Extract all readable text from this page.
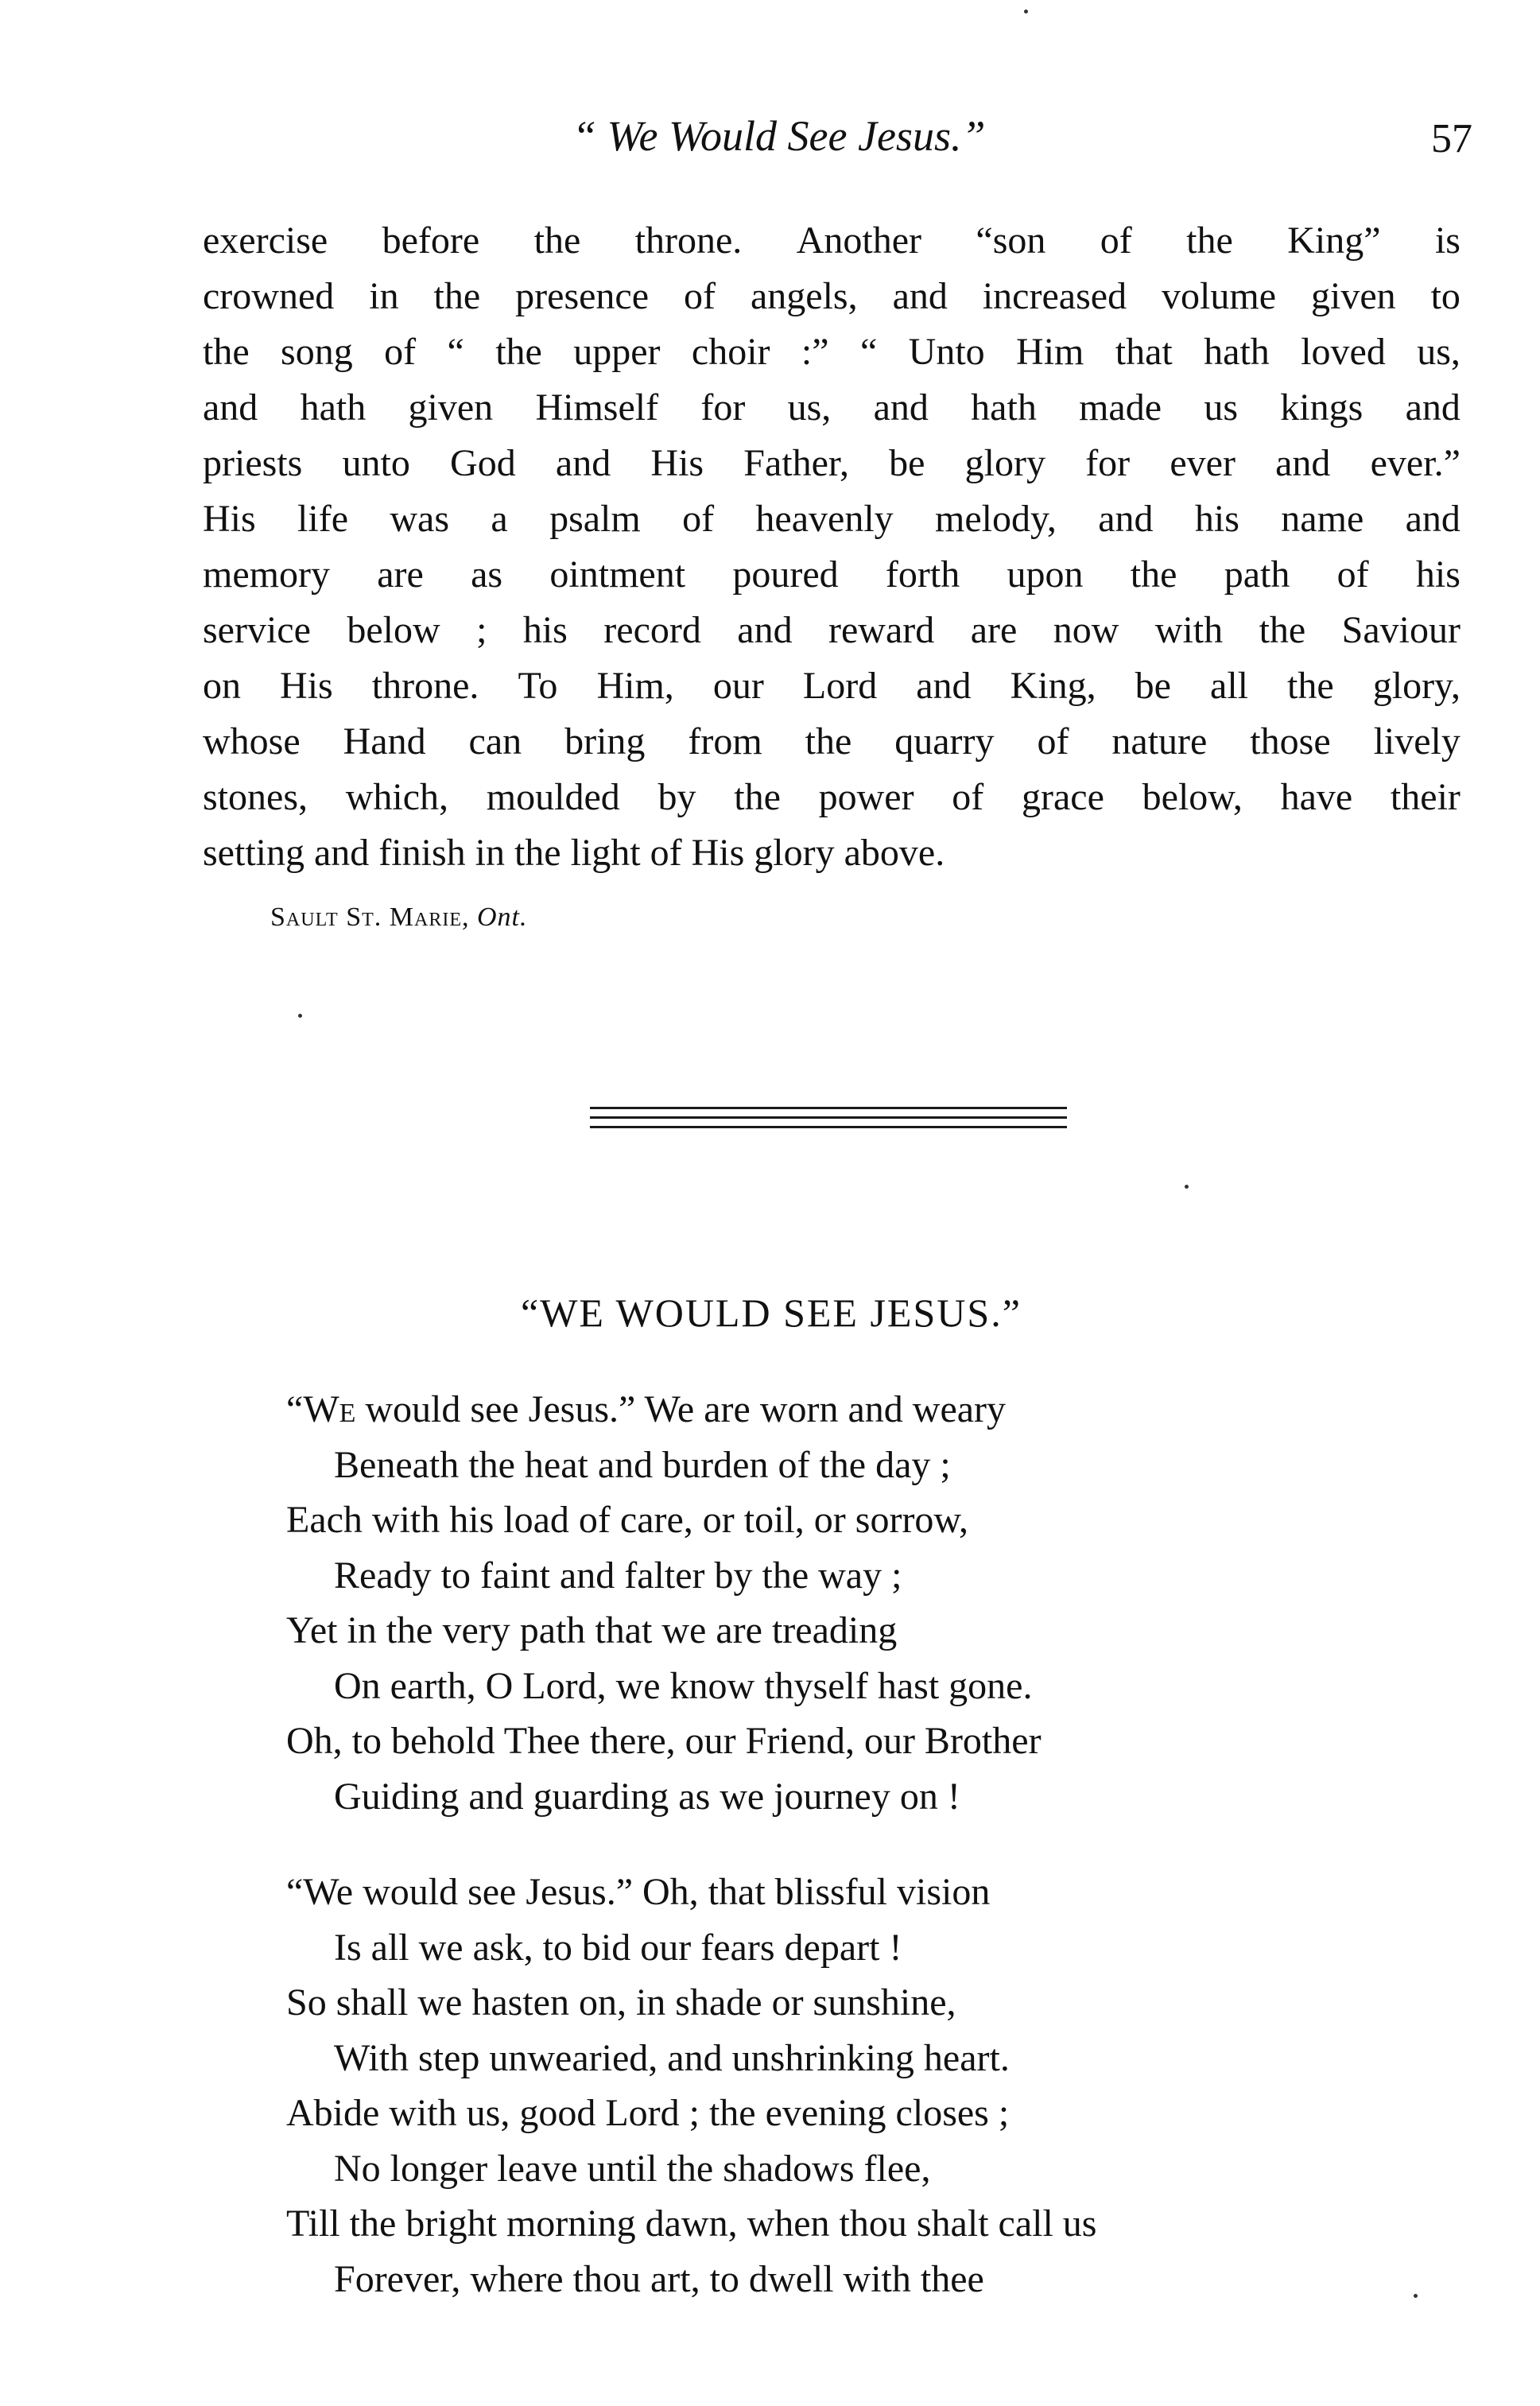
“ We Would See Jesus.”	57
exercise before the throne. Another “son of the King” is
crowned in the presence of angels, and increased volume given to
the song of “ the upper choir :” “ Unto Him that hath loved us,
and hath given Himself for us, and hath made us kings and
priests unto God and His Father, be glory for ever and ever.”
His life was a psalm of heavenly melody, and his name and
memory are as ointment poured forth upon the path of his
service below ; his record and reward are now with the Saviour
on His throne. To Him, our Lord and King, be all the glory,
whose Hand can bring from the quarry of nature those lively
stones, which, moulded by the power of grace below, have their
setting and finish in the light of His glory above.
Sault St. Marie, Ont.
“WE WOULD SEE JESUS.”
“We would see Jesus.” We are worn and weary
Beneath the heat and burden of the day ;
Each with his load of care, or toil, or sorrow,
Ready to faint and falter by the way ;
Yet in the very path that we are treading
On earth, O Lord, we know thyself hast gone.
Oh, to behold Thee there, our Friend, our Brother
Guiding and guarding as we journey on !
“We would see Jesus.” Oh, that blissful vision
Is all we ask, to bid our fears depart !
So shall we hasten on, in shade or sunshine,
With step unwearied, and unshrinking heart.
Abide with us, good Lord ; the evening closes ;
No longer leave until the shadows flee,
Till the bright morning dawn, when thou shalt call us
Forever, where thou art, to dwell with thee
